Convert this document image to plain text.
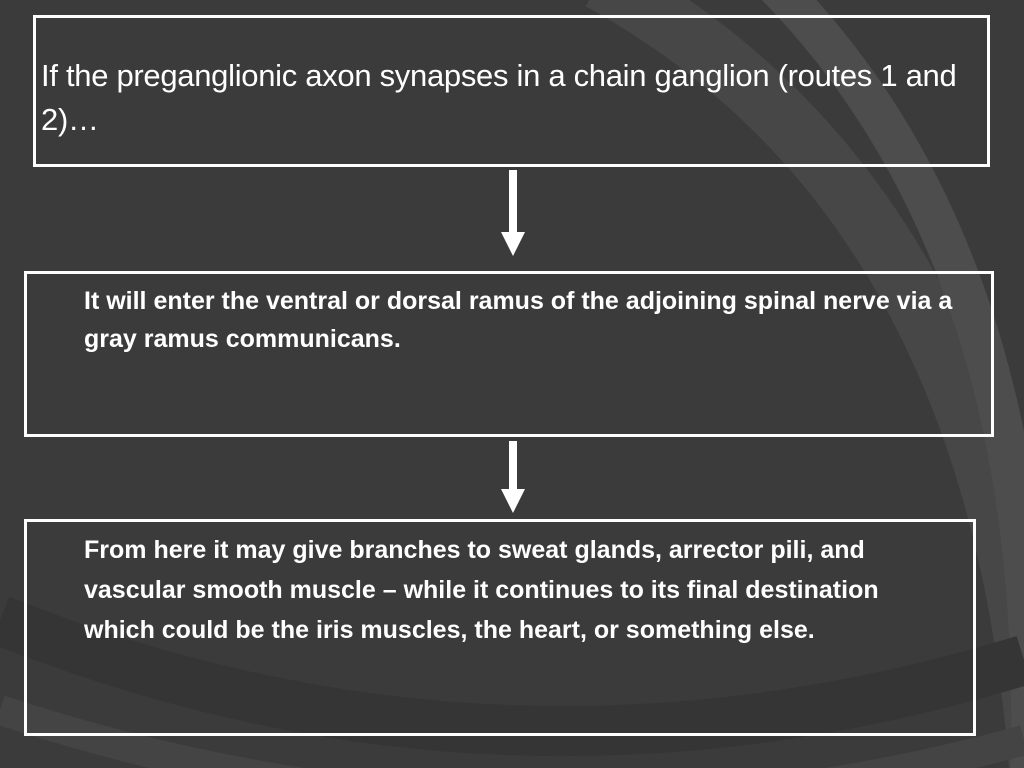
If the preganglionic axon synapses in a chain ganglion (routes 1 and 2)…
It will enter the ventral or dorsal ramus of the adjoining spinal nerve via a gray ramus communicans.
From here it may give branches to sweat glands, arrector pili, and vascular smooth muscle – while it continues to its final destination which could be the iris muscles, the heart, or something else.
